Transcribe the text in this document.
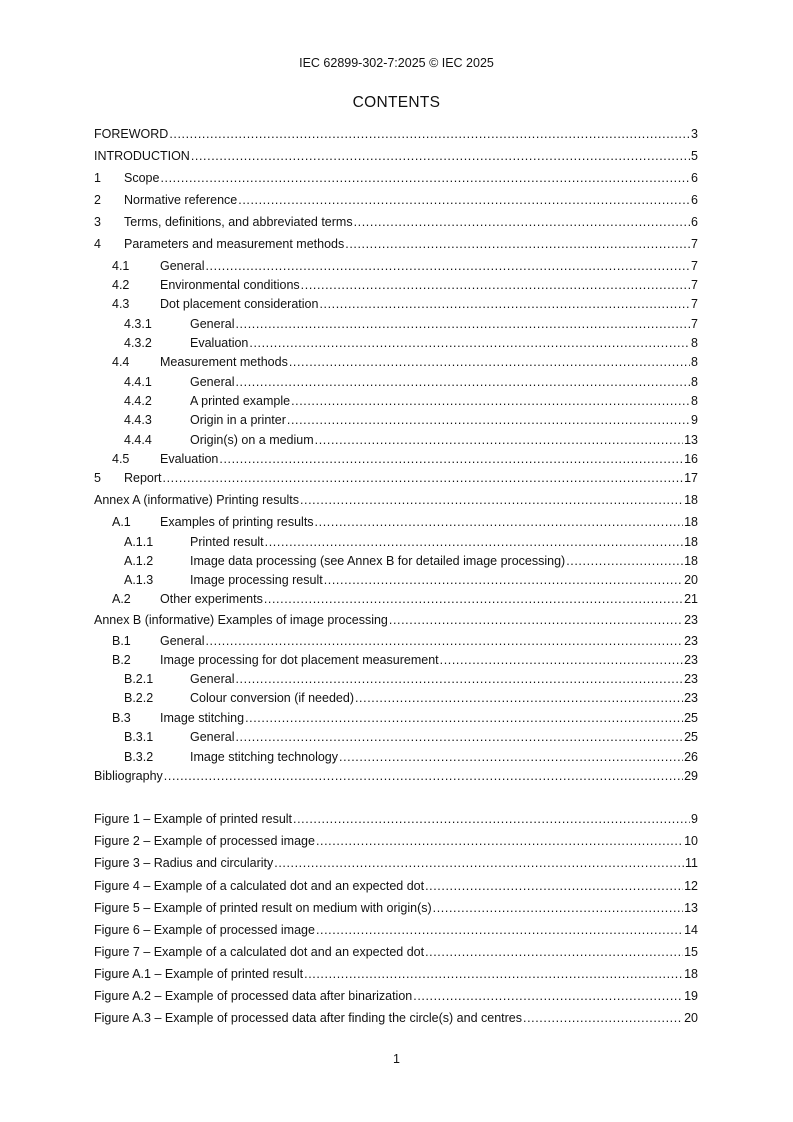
IEC 62899-302-7:2025 © IEC 2025
CONTENTS
FOREWORD .....	3
INTRODUCTION .....	5
1	Scope .....	6
2	Normative reference .....	6
3	Terms, definitions, and abbreviated terms .....	6
4	Parameters and measurement methods .....	7
4.1	General .....	7
4.2	Environmental conditions .....	7
4.3	Dot placement consideration .....	7
4.3.1	General .....	7
4.3.2	Evaluation .....	8
4.4	Measurement methods .....	8
4.4.1	General .....	8
4.4.2	A printed example .....	8
4.4.3	Origin in a printer .....	9
4.4.4	Origin(s) on a medium .....	13
4.5	Evaluation .....	16
5	Report .....	17
Annex A (informative) Printing results .....	18
A.1	Examples of printing results .....	18
A.1.1	Printed result .....	18
A.1.2	Image data processing (see Annex B for detailed image processing) .....	18
A.1.3	Image processing result .....	20
A.2	Other experiments .....	21
Annex B (informative) Examples of image processing .....	23
B.1	General .....	23
B.2	Image processing for dot placement measurement .....	23
B.2.1	General .....	23
B.2.2	Colour conversion (if needed) .....	23
B.3	Image stitching .....	25
B.3.1	General .....	25
B.3.2	Image stitching technology .....	26
Bibliography .....	29
Figure 1 – Example of printed result .....	9
Figure 2 – Example of processed image .....	10
Figure 3 – Radius and circularity .....	11
Figure 4 – Example of a calculated dot and an expected dot .....	12
Figure 5 – Example of printed result on medium with origin(s) .....	13
Figure 6 – Example of processed image .....	14
Figure 7 – Example of a calculated dot and an expected dot .....	15
Figure A.1 – Example of printed result .....	18
Figure A.2 – Example of processed data after binarization .....	19
Figure A.3 – Example of processed data after finding the circle(s) and centres .....	20
1
